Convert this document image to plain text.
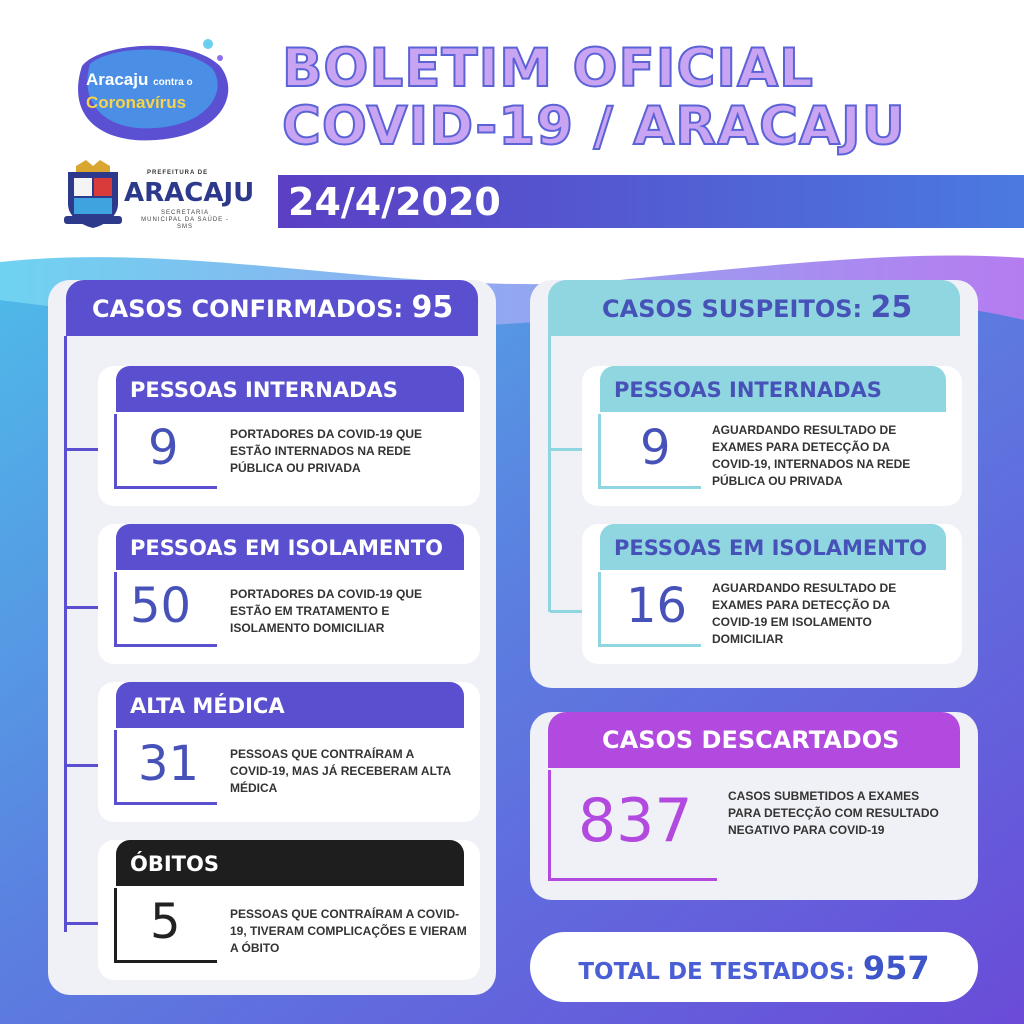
Aracaju contra o
Coronavírus
BOLETIM OFICIAL
COVID-19 / ARACAJU
PREFEITURA DE
ARACAJU
SECRETARIA MUNICIPAL DA SAÚDE - SMS
24/4/2020
CASOS CONFIRMADOS: 95
PESSOAS INTERNADAS
9	PORTADORES DA COVID-19 QUE ESTÃO INTERNADOS NA REDE PÚBLICA OU PRIVADA
PESSOAS EM ISOLAMENTO
50	PORTADORES DA COVID-19 QUE ESTÃO EM TRATAMENTO E ISOLAMENTO DOMICILIAR
ALTA MÉDICA
31	PESSOAS QUE CONTRAÍRAM A COVID-19, MAS JÁ RECEBERAM ALTA MÉDICA
ÓBITOS
5	PESSOAS QUE CONTRAÍRAM A COVID-19, TIVERAM COMPLICAÇÕES E VIERAM A ÓBITO
CASOS SUSPEITOS: 25
PESSOAS INTERNADAS
9	AGUARDANDO RESULTADO DE EXAMES PARA DETECÇÃO DA COVID-19, INTERNADOS NA REDE PÚBLICA OU PRIVADA
PESSOAS EM ISOLAMENTO
16 AGUARDANDO RESULTADO DE EXAMES PARA DETECÇÃO DA COVID-19 EM ISOLAMENTO DOMICILIAR
CASOS DESCARTADOS
837	CASOS SUBMETIDOS A EXAMES PARA DETECÇÃO COM RESULTADO NEGATIVO PARA COVID-19
TOTAL DE TESTADOS: 957
